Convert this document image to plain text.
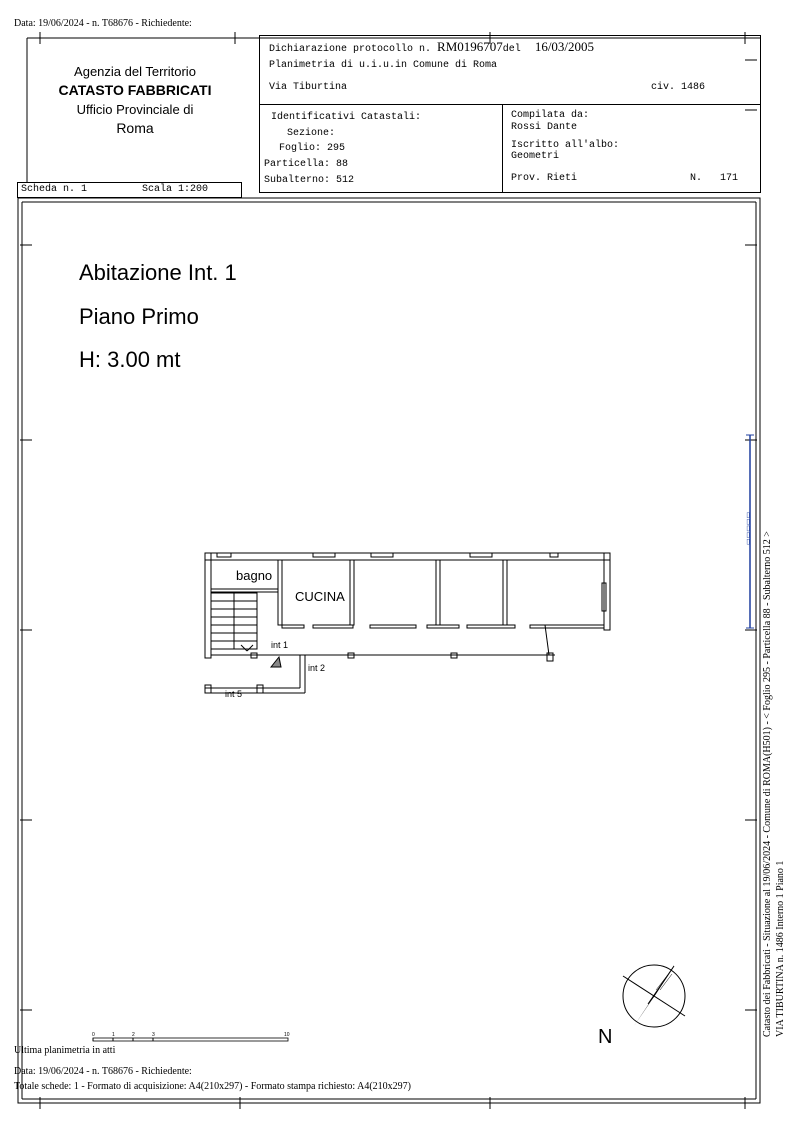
Data: 19/06/2024 - n. T68676 - Richiedente:
Agenzia del Territorio
CATASTO FABBRICATI
Ufficio Provinciale di
Roma
Dichiarazione protocollo n. RM0196707del 16/03/2005
Planimetria di u.i.u.in Comune di Roma
Via Tiburtina	civ. 1486
Identificativi Catastali:
Sezione:
Foglio: 295
Particella: 88
Subalterno: 512
Compilata da:
Rossi Dante
Iscritto all'albo:
Geometri
Prov. Rieti	N. 171
Scheda n. 1	Scala 1:200
Abitazione Int. 1
Piano Primo
H: 3.00 mt
bagno
CUCINA
int 1
int 2
int 5
▭▭▭▭▭
N
0	1	2	3	10
Ultima planimetria in atti
Data: 19/06/2024 - n. T68676 - Richiedente:
Totale schede: 1 - Formato di acquisizione: A4(210x297) - Formato stampa richiesto: A4(210x297)
Catasto dei Fabbricati - Situazione al 19/06/2024 - Comune di ROMA(H501) - < Foglio 295 - Particella 88 - Subalterno 512 > VIA TIBURTINA n. 1486 Interno 1 Piano 1
